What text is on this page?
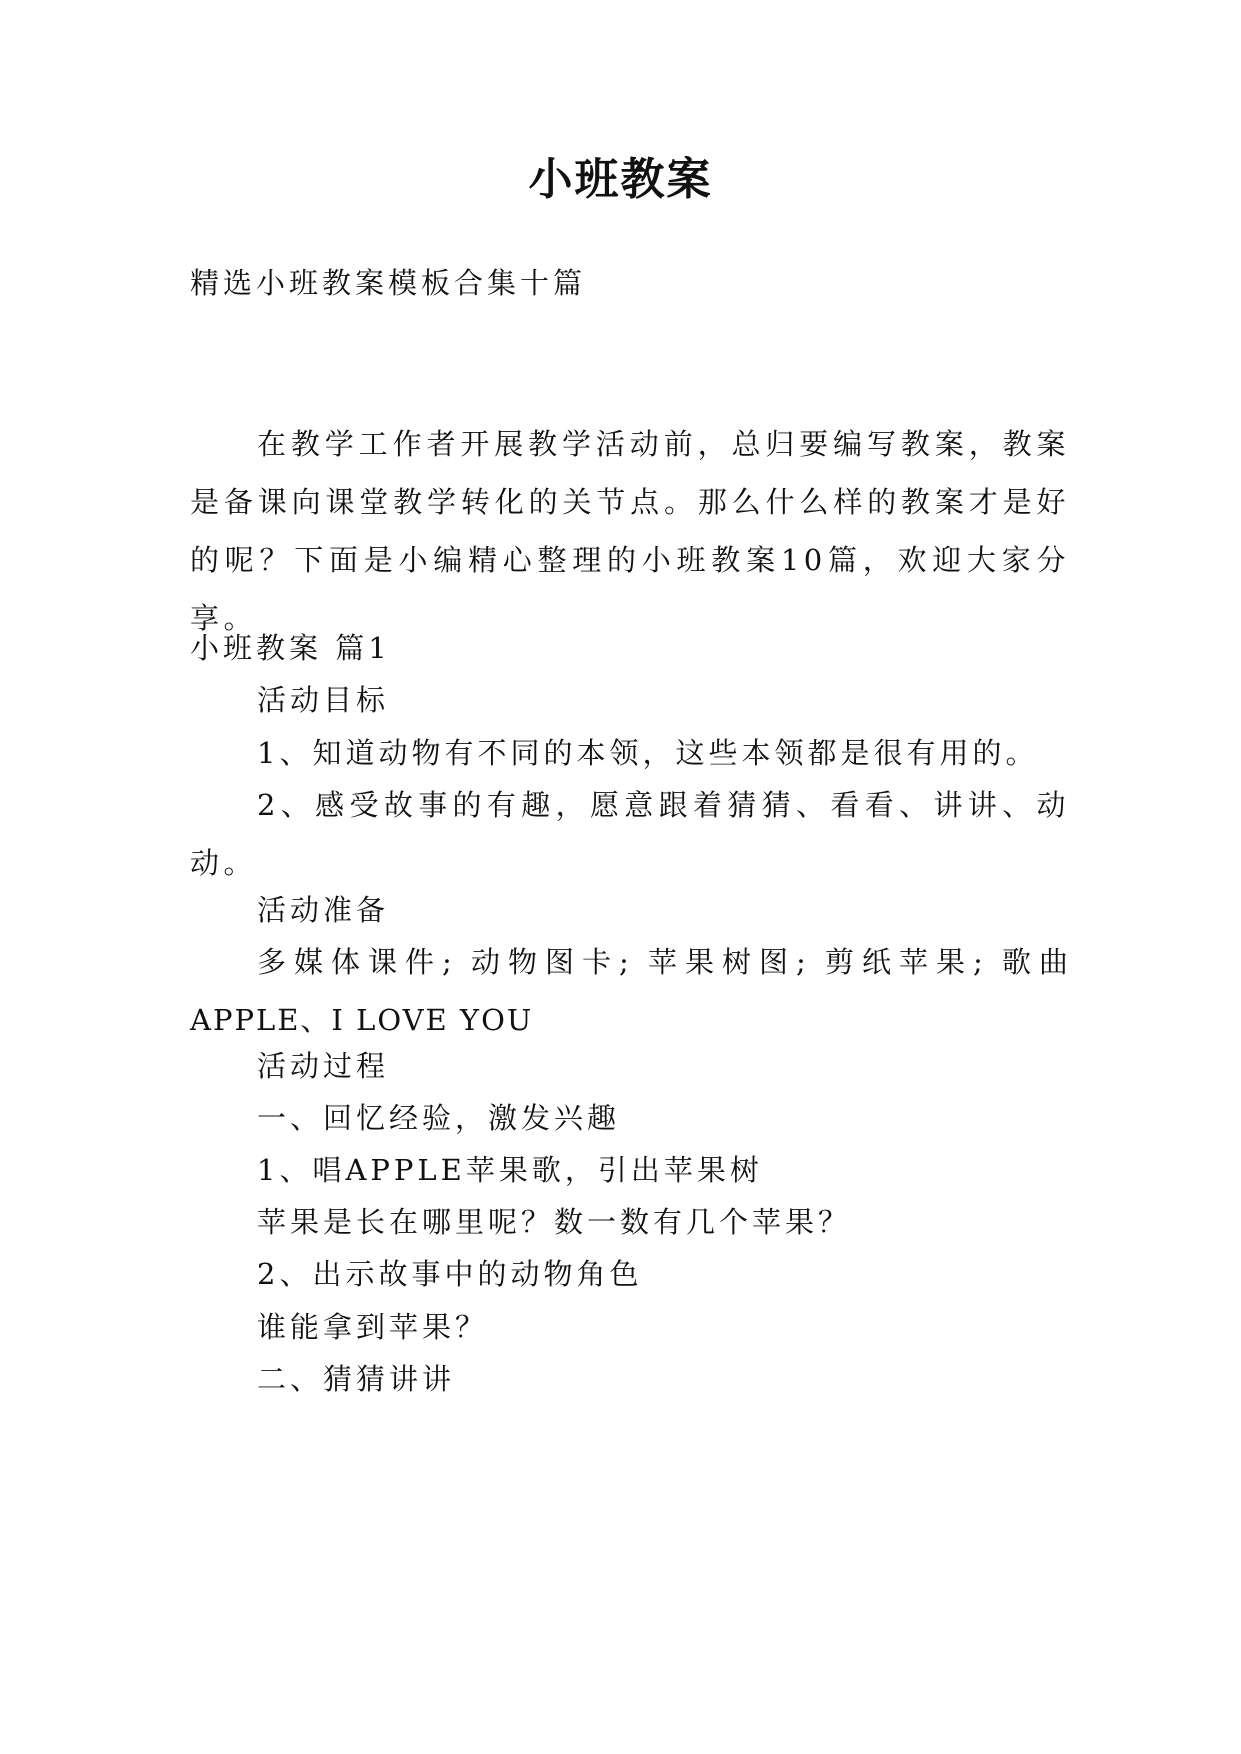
小班教案

精选小班教案模板合集十篇

在教学工作者开展教学活动前，总归要编写教案，教案是备课向课堂教学转化的关节点。那么什么样的教案才是好的呢？下面是小编精心整理的小班教案10篇，欢迎大家分享。

小班教案 篇1

活动目标

1、知道动物有不同的本领，这些本领都是很有用的。

2、感受故事的有趣，愿意跟着猜猜、看看、讲讲、动动。

活动准备

多媒体课件; 动物图卡; 苹果树图; 剪纸苹果; 歌曲APPLE、I LOVE YOU

活动过程

一、回忆经验，激发兴趣

1、唱APPLE苹果歌，引出苹果树

苹果是长在哪里呢？数一数有几个苹果？

2、出示故事中的动物角色

谁能拿到苹果？

二、猜猜讲讲
